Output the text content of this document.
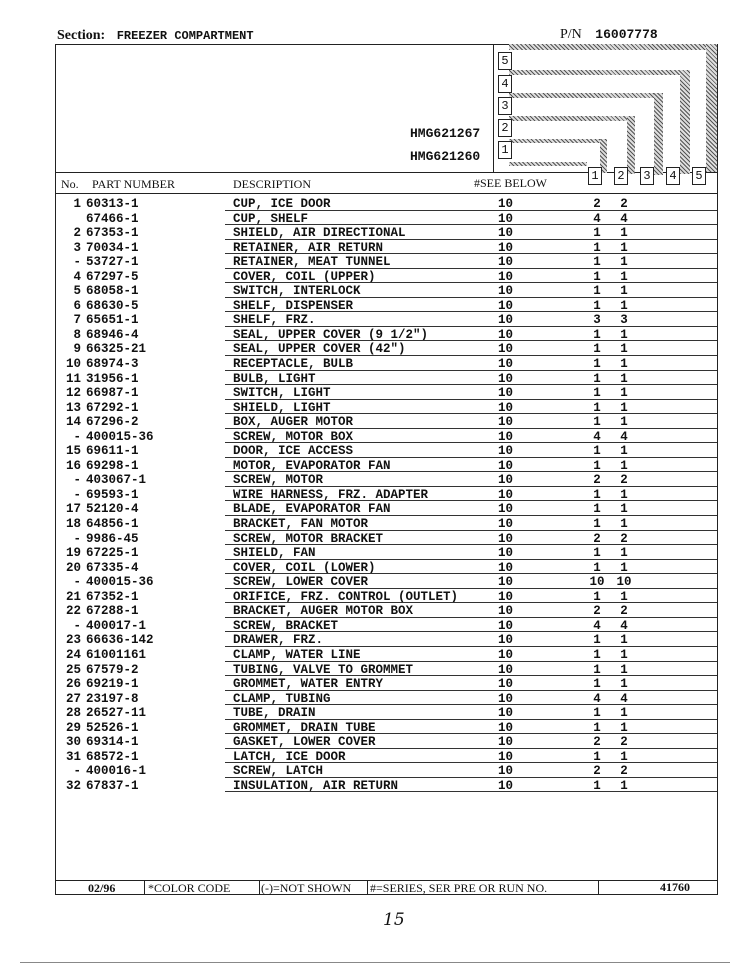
Section: FREEZER COMPARTMENT	P/N 16007778
5
4
3
2
1
1 2 3 4 5
HMG621267
HMG621260
No. PART NUMBER	DESCRIPTION	#SEE BELOW
1 60313-1	CUP, ICE DOOR	10	2	2
67466-1	CUP, SHELF	10	4	4
2 67353-1	SHIELD, AIR DIRECTIONAL	10	1	1
3 70034-1	RETAINER, AIR RETURN	10	1	1
- 53727-1	RETAINER, MEAT TUNNEL	10	1	1
4 67297-5	COVER, COIL (UPPER)	10	1	1
5 68058-1	SWITCH, INTERLOCK	10	1	1
6 68630-5	SHELF, DISPENSER	10	1	1
7 65651-1	SHELF, FRZ.	10	3	3
8 68946-4	SEAL, UPPER COVER (9 1/2")	10	1	1
9 66325-21	SEAL, UPPER COVER (42")	10	1	1
10 68974-3	RECEPTACLE, BULB	10	1	1
11 31956-1	BULB, LIGHT	10	1	1
12 66987-1	SWITCH, LIGHT	10	1	1
13 67292-1	SHIELD, LIGHT	10	1	1
14 67296-2	BOX, AUGER MOTOR	10	1	1
- 400015-36	SCREW, MOTOR BOX	10	4	4
15 69611-1	DOOR, ICE ACCESS	10	1	1
16 69298-1	MOTOR, EVAPORATOR FAN	10	1	1
- 403067-1	SCREW, MOTOR	10	2	2
- 69593-1	WIRE HARNESS, FRZ. ADAPTER	10	1	1
17 52120-4	BLADE, EVAPORATOR FAN	10	1	1
18 64856-1	BRACKET, FAN MOTOR	10	1	1
- 9986-45	SCREW, MOTOR BRACKET	10	2	2
19 67225-1	SHIELD, FAN	10	1	1
20 67335-4	COVER, COIL (LOWER)	10	1	1
- 400015-36	SCREW, LOWER COVER	10	10 10
21 67352-1	ORIFICE, FRZ. CONTROL (OUTLET)	10	1	1
22 67288-1	BRACKET, AUGER MOTOR BOX	10	2	2
- 400017-1	SCREW, BRACKET	10	4	4
23 66636-142	DRAWER, FRZ.	10	1	1
24 61001161	CLAMP, WATER LINE	10	1	1
25 67579-2	TUBING, VALVE TO GROMMET	10	1	1
26 69219-1	GROMMET, WATER ENTRY	10	1	1
27 23197-8	CLAMP, TUBING	10	4	4
28 26527-11	TUBE, DRAIN	10	1	1
29 52526-1	GROMMET, DRAIN TUBE	10	1	1
30 69314-1	GASKET, LOWER COVER	10	2	2
31 68572-1	LATCH, ICE DOOR	10	1	1
- 400016-1	SCREW, LATCH	10	2	2
32 67837-1	INSULATION, AIR RETURN	10	1	1
02/96	*COLOR CODE	(-)=NOT SHOWN #=SERIES, SER PRE OR RUN NO.	41760
15
